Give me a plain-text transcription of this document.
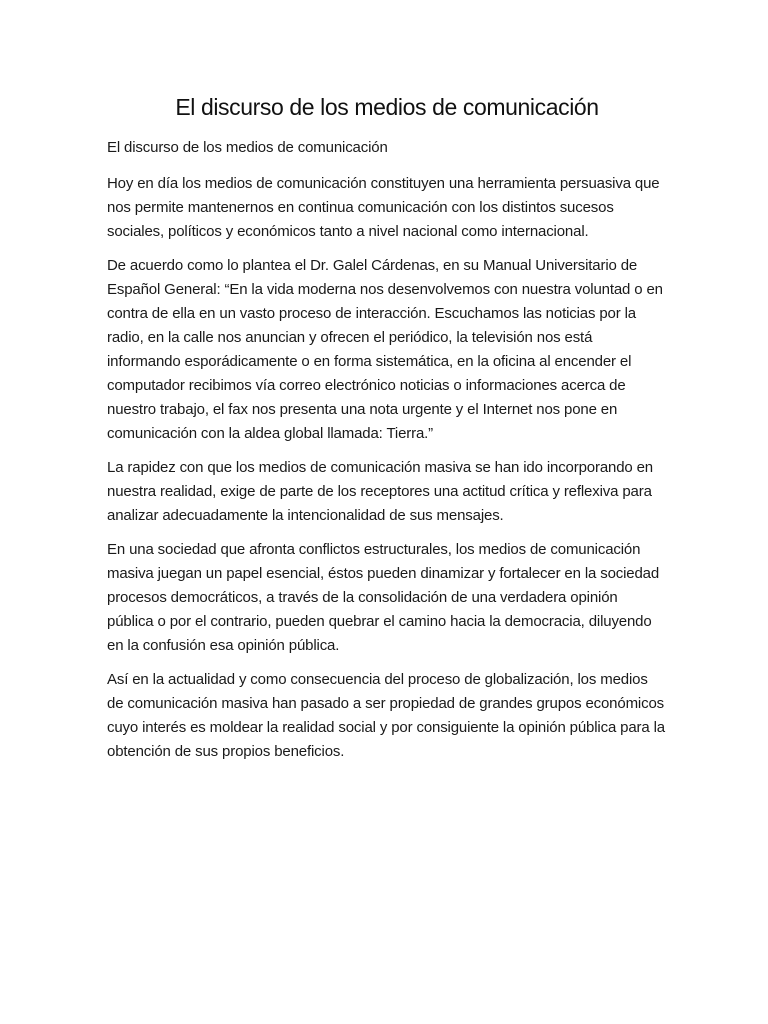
El discurso de los medios de comunicación

El discurso de los medios de comunicación

Hoy en día los medios de comunicación constituyen una herramienta persuasiva que nos permite mantenernos en continua comunicación con los distintos sucesos sociales, políticos y económicos tanto a nivel nacional como internacional.

De acuerdo como lo plantea el Dr. Galel Cárdenas, en su Manual Universitario de Español General: “En la vida moderna nos desenvolvemos con nuestra voluntad o en contra de ella en un vasto proceso de interacción. Escuchamos las noticias por la radio, en la calle nos anuncian y ofrecen el periódico, la televisión nos está informando esporádicamente o en forma sistemática, en la oficina al encender el computador recibimos vía correo electrónico noticias o informaciones acerca de nuestro trabajo, el fax nos presenta una nota urgente y el Internet nos pone en comunicación con la aldea global llamada: Tierra.”

La rapidez con que los medios de comunicación masiva se han ido incorporando en nuestra realidad, exige de parte de los receptores una actitud crítica y reflexiva para analizar adecuadamente la intencionalidad de sus mensajes.

En una sociedad que afronta conflictos estructurales, los medios de comunicación masiva juegan un papel esencial, éstos pueden dinamizar y fortalecer en la sociedad procesos democráticos, a través de la consolidación de una verdadera opinión pública o por el contrario, pueden quebrar el camino hacia la democracia, diluyendo en la confusión esa opinión pública.

Así en la actualidad y como consecuencia del proceso de globalización, los medios de comunicación masiva han pasado a ser propiedad de grandes grupos económicos cuyo interés es moldear la realidad social y por consiguiente la opinión pública para la obtención de sus propios beneficios.
